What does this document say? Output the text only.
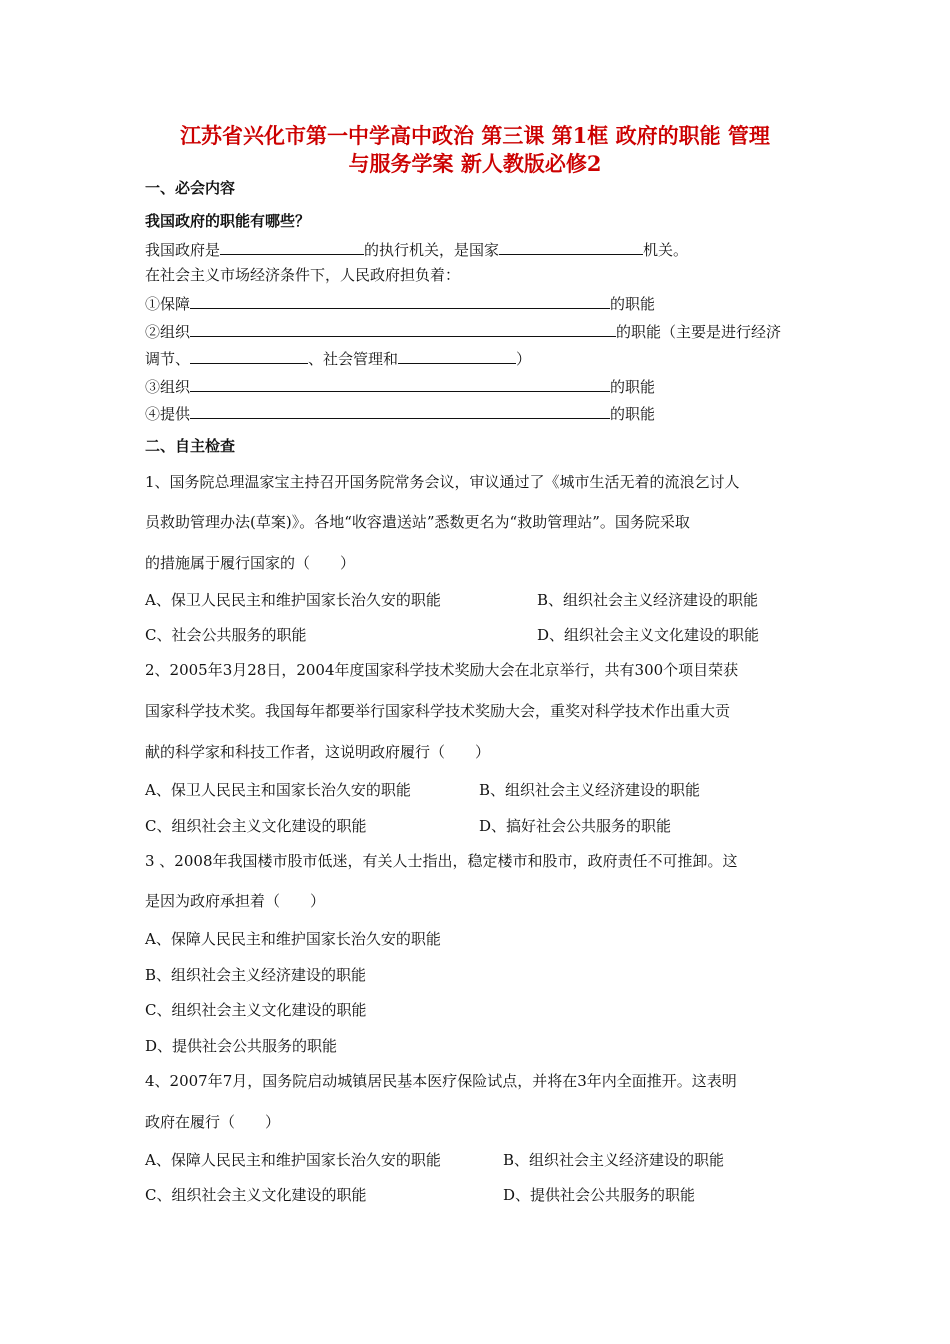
江苏省兴化市第一中学高中政治 第三课 第1框 政府的职能 管理
与服务学案 新人教版必修2
一、必会内容
我国政府的职能有哪些？
我国政府是	的执行机关，是国家	机关。
在社会主义市场经济条件下，人民政府担负着：
①保障	的职能
②组织	的职能（主要是进行经济
调节、	、社会管理和	）
③组织	的职能
④提供	的职能
二、自主检查
1、国务院总理温家宝主持召开国务院常务会议，审议通过了《城市生活无着的流浪乞讨人
员救助管理办法(草案)》。各地“收容遣送站”悉数更名为“救助管理站”。国务院采取
的措施属于履行国家的（　　）
A、保卫人民民主和维护国家长治久安的职能	B、组织社会主义经济建设的职能
C、社会公共服务的职能	D、组织社会主义文化建设的职能
2、2005年3月28日，2004年度国家科学技术奖励大会在北京举行，共有300个项目荣获
国家科学技术奖。我国每年都要举行国家科学技术奖励大会，重奖对科学技术作出重大贡
献的科学家和科技工作者，这说明政府履行（　　）
A、保卫人民民主和国家长治久安的职能	B、组织社会主义经济建设的职能
C、组织社会主义文化建设的职能	D、搞好社会公共服务的职能
3 、2008年我国楼市股市低迷，有关人士指出，稳定楼市和股市，政府责任不可推卸。这
是因为政府承担着（　　）
A、保障人民民主和维护国家长治久安的职能
B、组织社会主义经济建设的职能
C、组织社会主义文化建设的职能
D、提供社会公共服务的职能
4、2007年7月，国务院启动城镇居民基本医疗保险试点，并将在3年内全面推开。这表明
政府在履行（　　）
A、保障人民民主和维护国家长治久安的职能	B、组织社会主义经济建设的职能
C、组织社会主义文化建设的职能	D、提供社会公共服务的职能
